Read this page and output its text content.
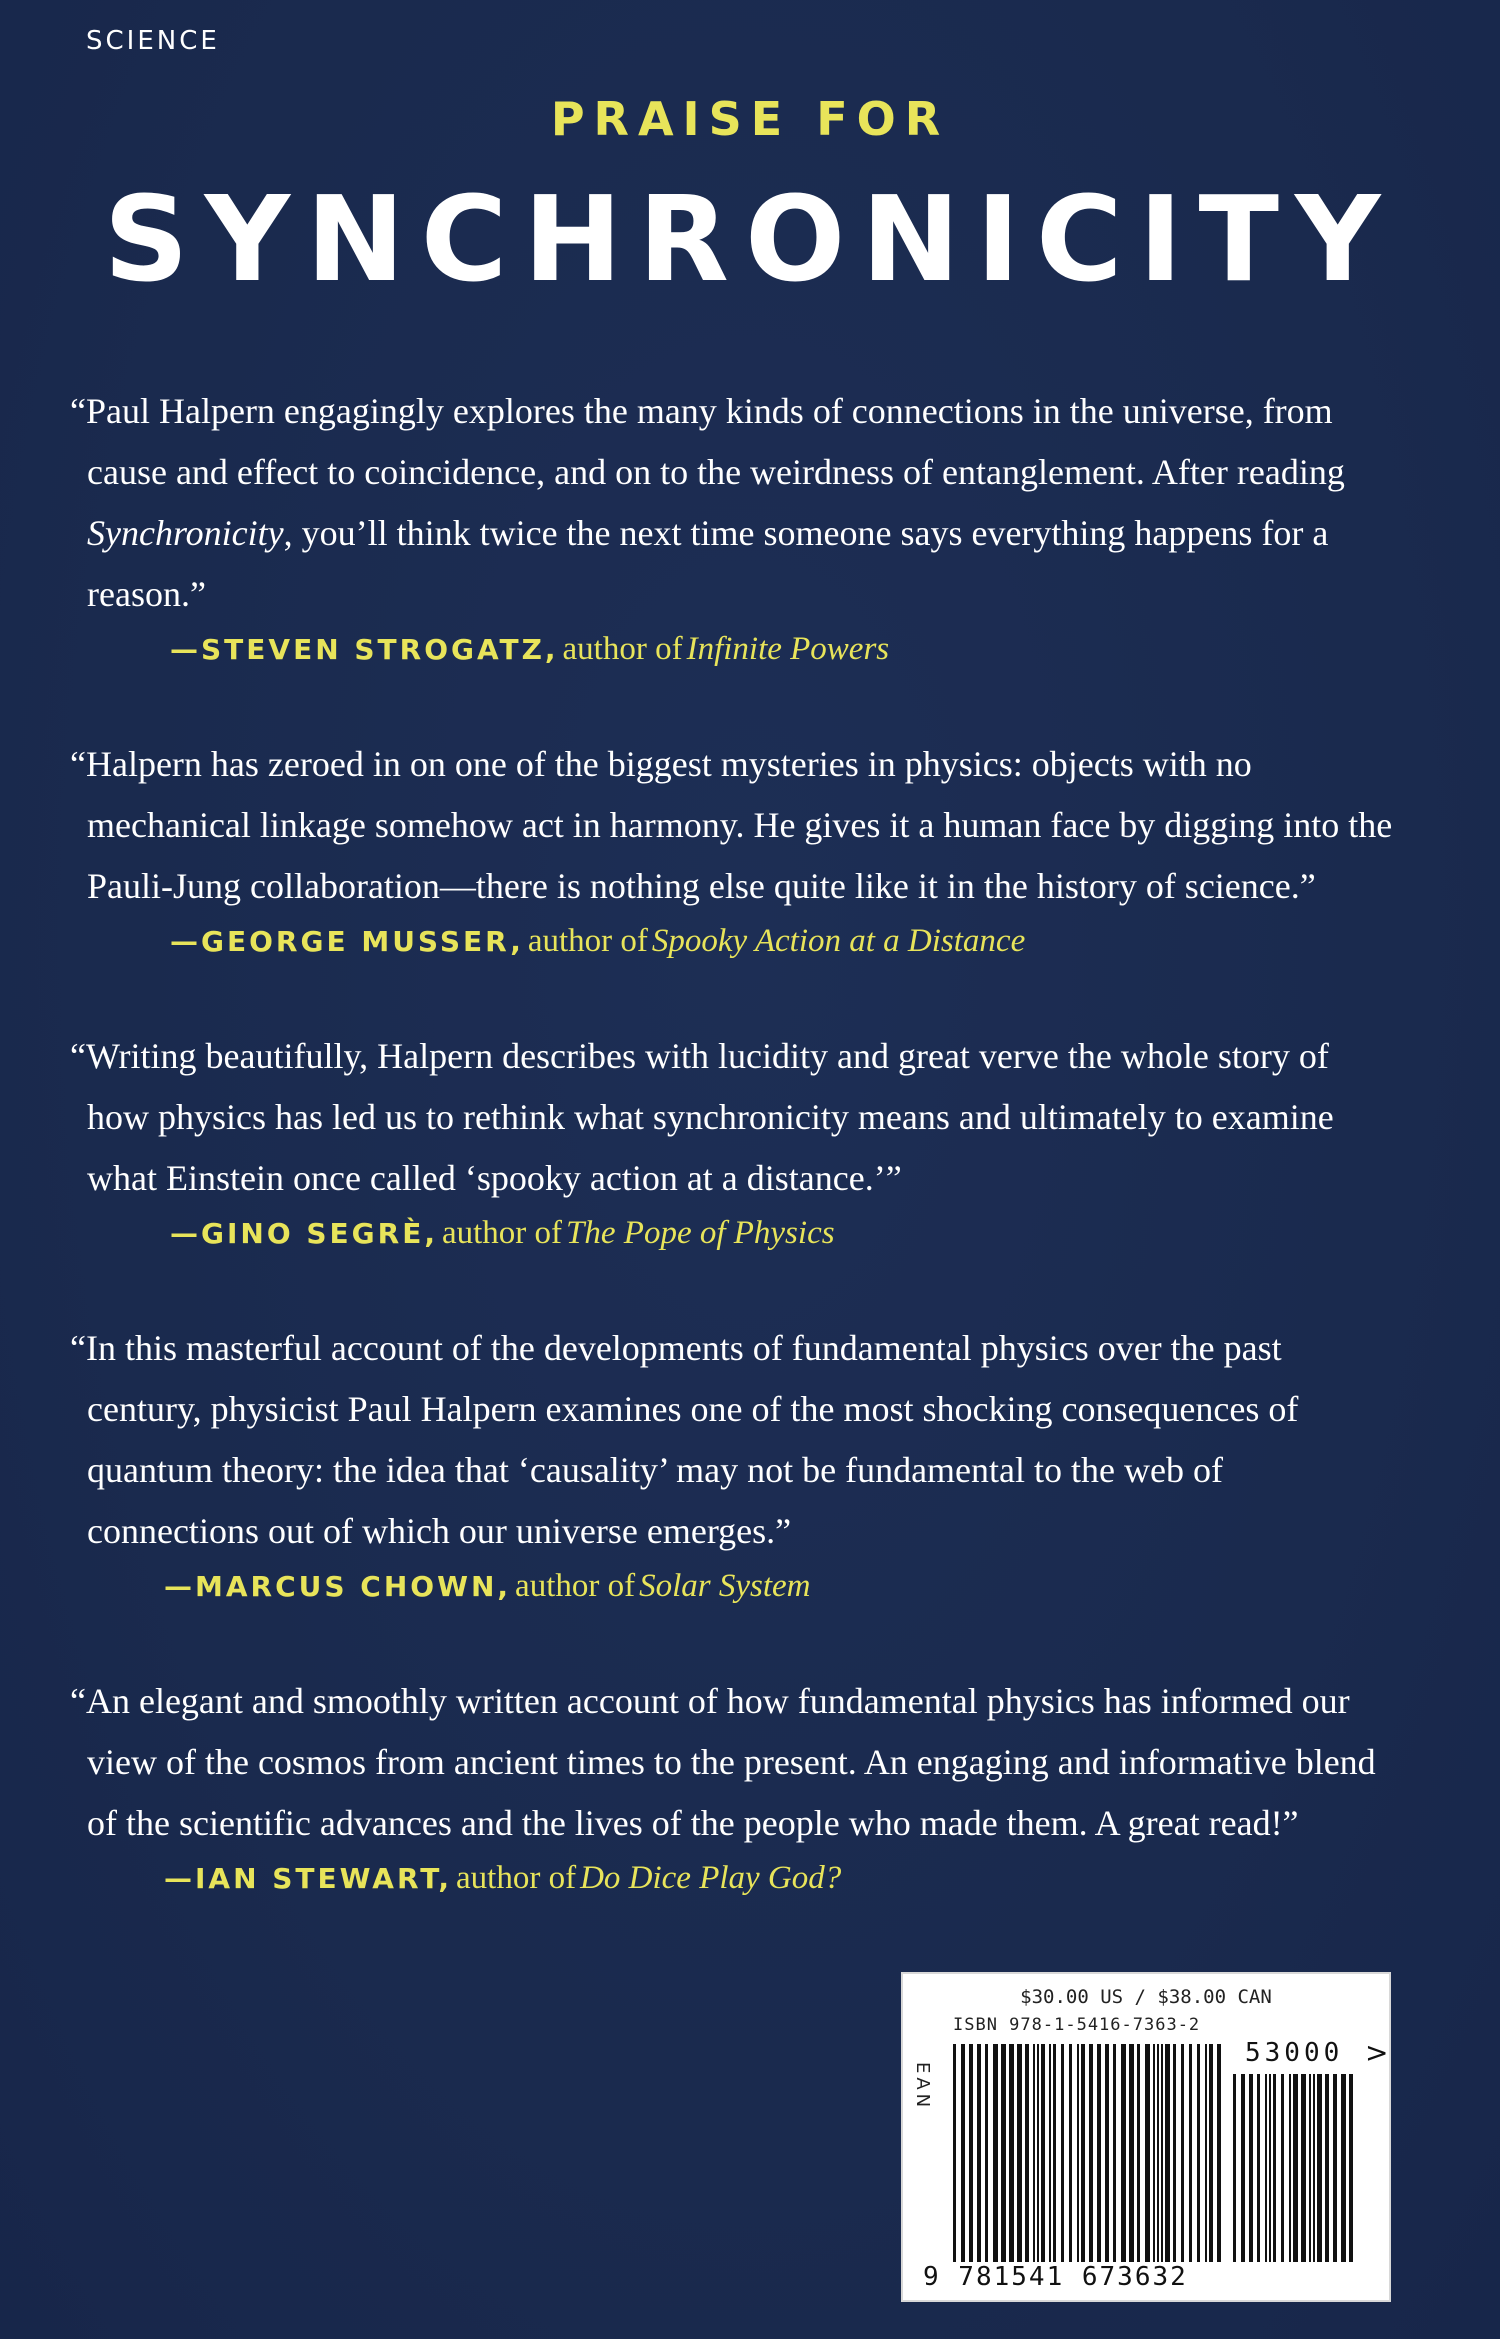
SCIENCE
PRAISE FOR
SYNCHRONICITY

“Paul Halpern engagingly explores the many kinds of connections in the universe, from cause and effect to coincidence, and on to the weirdness of entanglement. After reading Synchronicity, you’ll think twice the next time someone says everything happens for a reason.”

—STEVEN STROGATZ, author of Infinite Powers

“Halpern has zeroed in on one of the biggest mysteries in physics: objects with no mechanical linkage somehow act in harmony. He gives it a human face by digging into the Pauli-Jung collaboration—there is nothing else quite like it in the history of science.”

—GEORGE MUSSER, author of Spooky Action at a Distance

“Writing beautifully, Halpern describes with lucidity and great verve the whole story of how physics has led us to rethink what synchronicity means and ultimately to examine what Einstein once called ‘spooky action at a distance.’”

—GINO SEGRÈ, author of The Pope of Physics

“In this masterful account of the developments of fundamental physics over the past century, physicist Paul Halpern examines one of the most shocking consequences of quantum theory: the idea that ‘causality’ may not be fundamental to the web of connections out of which our universe emerges.”

—MARCUS CHOWN, author of Solar System

“An elegant and smoothly written account of how fundamental physics has informed our view of the cosmos from ancient times to the present. An engaging and informative blend of the scientific advances and the lives of the people who made them. A great read!”

—IAN STEWART, author of Do Dice Play God?

$30.00 US / $38.00 CAN
ISBN 978-1-5416-7363-2
EAN
53000 >
9 781541 673632
